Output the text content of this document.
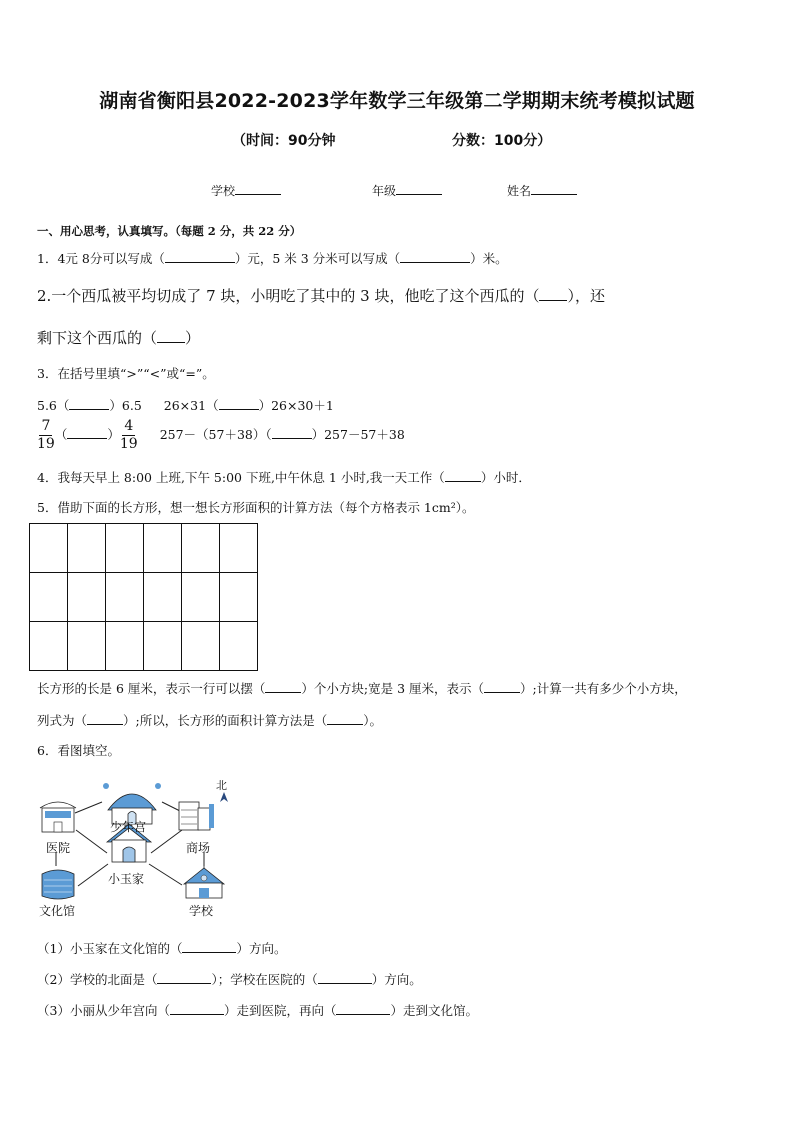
湖南省衡阳县2022-2023学年数学三年级第二学期期末统考模拟试题
（时间：90分钟	分数：100分）
学校	年级	姓名
一、用心思考，认真填写。（每题 2 分，共 22 分）
1．4元 8分可以写成（	）元，5 米 3 分米可以写成（	）米。
2.一个西瓜被平均切成了 7 块，小明吃了其中的 3 块，他吃了这个西瓜的（ ），还
剩下这个西瓜的（ ）
3．在括号里填“>”“<”或“=”。
5.6（	）6.5 26×31（	）26×30＋1
$\frac{7}{19}$ （	） $\frac{4}{19} 257-(57+38)$（	）257－57＋38
4．我每天早上 8:00 上班,下午 5:00 下班,中午休息 1 小时,我一天工作（	）小时．
5．借助下面的长方形，想一想长方形面积的计算方法（每个方格表示 1cm²）。
长方形的长是 6 厘米，表示一行可以摆（	）个小方块;宽是 3 厘米，表示（	）;计算一共有多少个小方块，
列式为（	）;所以，长方形的面积计算方法是（	）。
6．看图填空。
北
少年宫
医院	商场
小玉家
文化馆	学校
（1）小玉家在文化馆的（	）方向。
（2）学校的北面是（	）；学校在医院的（	）方向。
（3）小丽从少年宫向（	）走到医院，再向（	）走到文化馆。
